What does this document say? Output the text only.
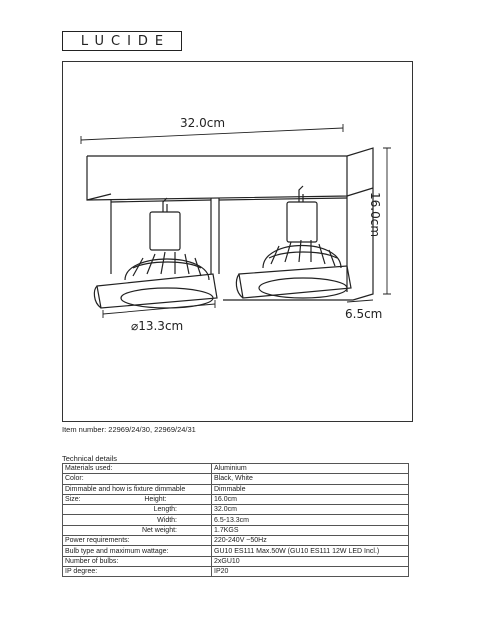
LUCIDE
32.0cm
16.0cm
6.5cm
⌀13.3cm
Item number: 22969/24/30, 22969/24/31
Technical details
Materials used:	Aluminium
Color:	Black, White
Dimmable and how is fixture dimmable	Dimmable
Size: Height:	16.0cm
Length:	32.0cm
Width:	6.5-13.3cm
Net weight:	1.7KGS
Power requirements:	220-240V ~50Hz
Bulb type and maximum wattage:	GU10 ES111 Max.50W (GU10 ES111 12W LED Incl.)
Number of bulbs:	2xGU10
IP degree:	IP20
